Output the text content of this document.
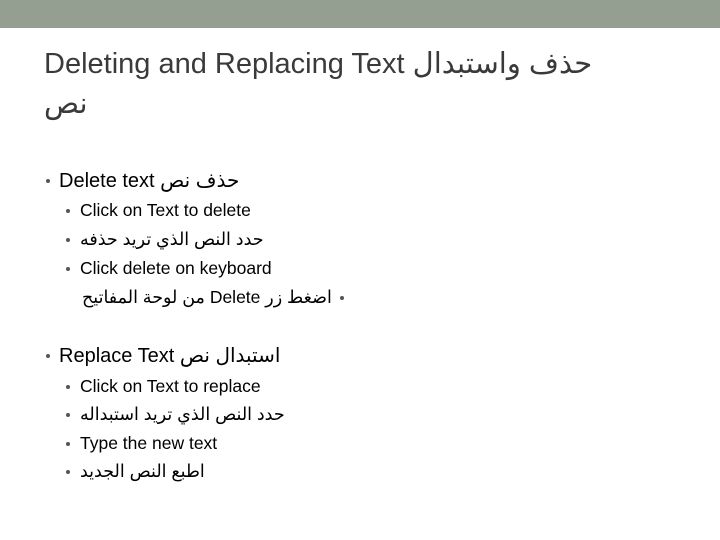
Deleting and Replacing Text حذف واستبدال
نص
Delete text حذف نص
Click on Text to delete
حدد النص الذي تريد حذفه
Click delete on keyboard
اضغط زر Delete من لوحة المفاتيح
Replace Text استبدال نص
Click on Text to replace
حدد النص الذي تريد استبداله
Type the new text
اطبع النص الجديد
